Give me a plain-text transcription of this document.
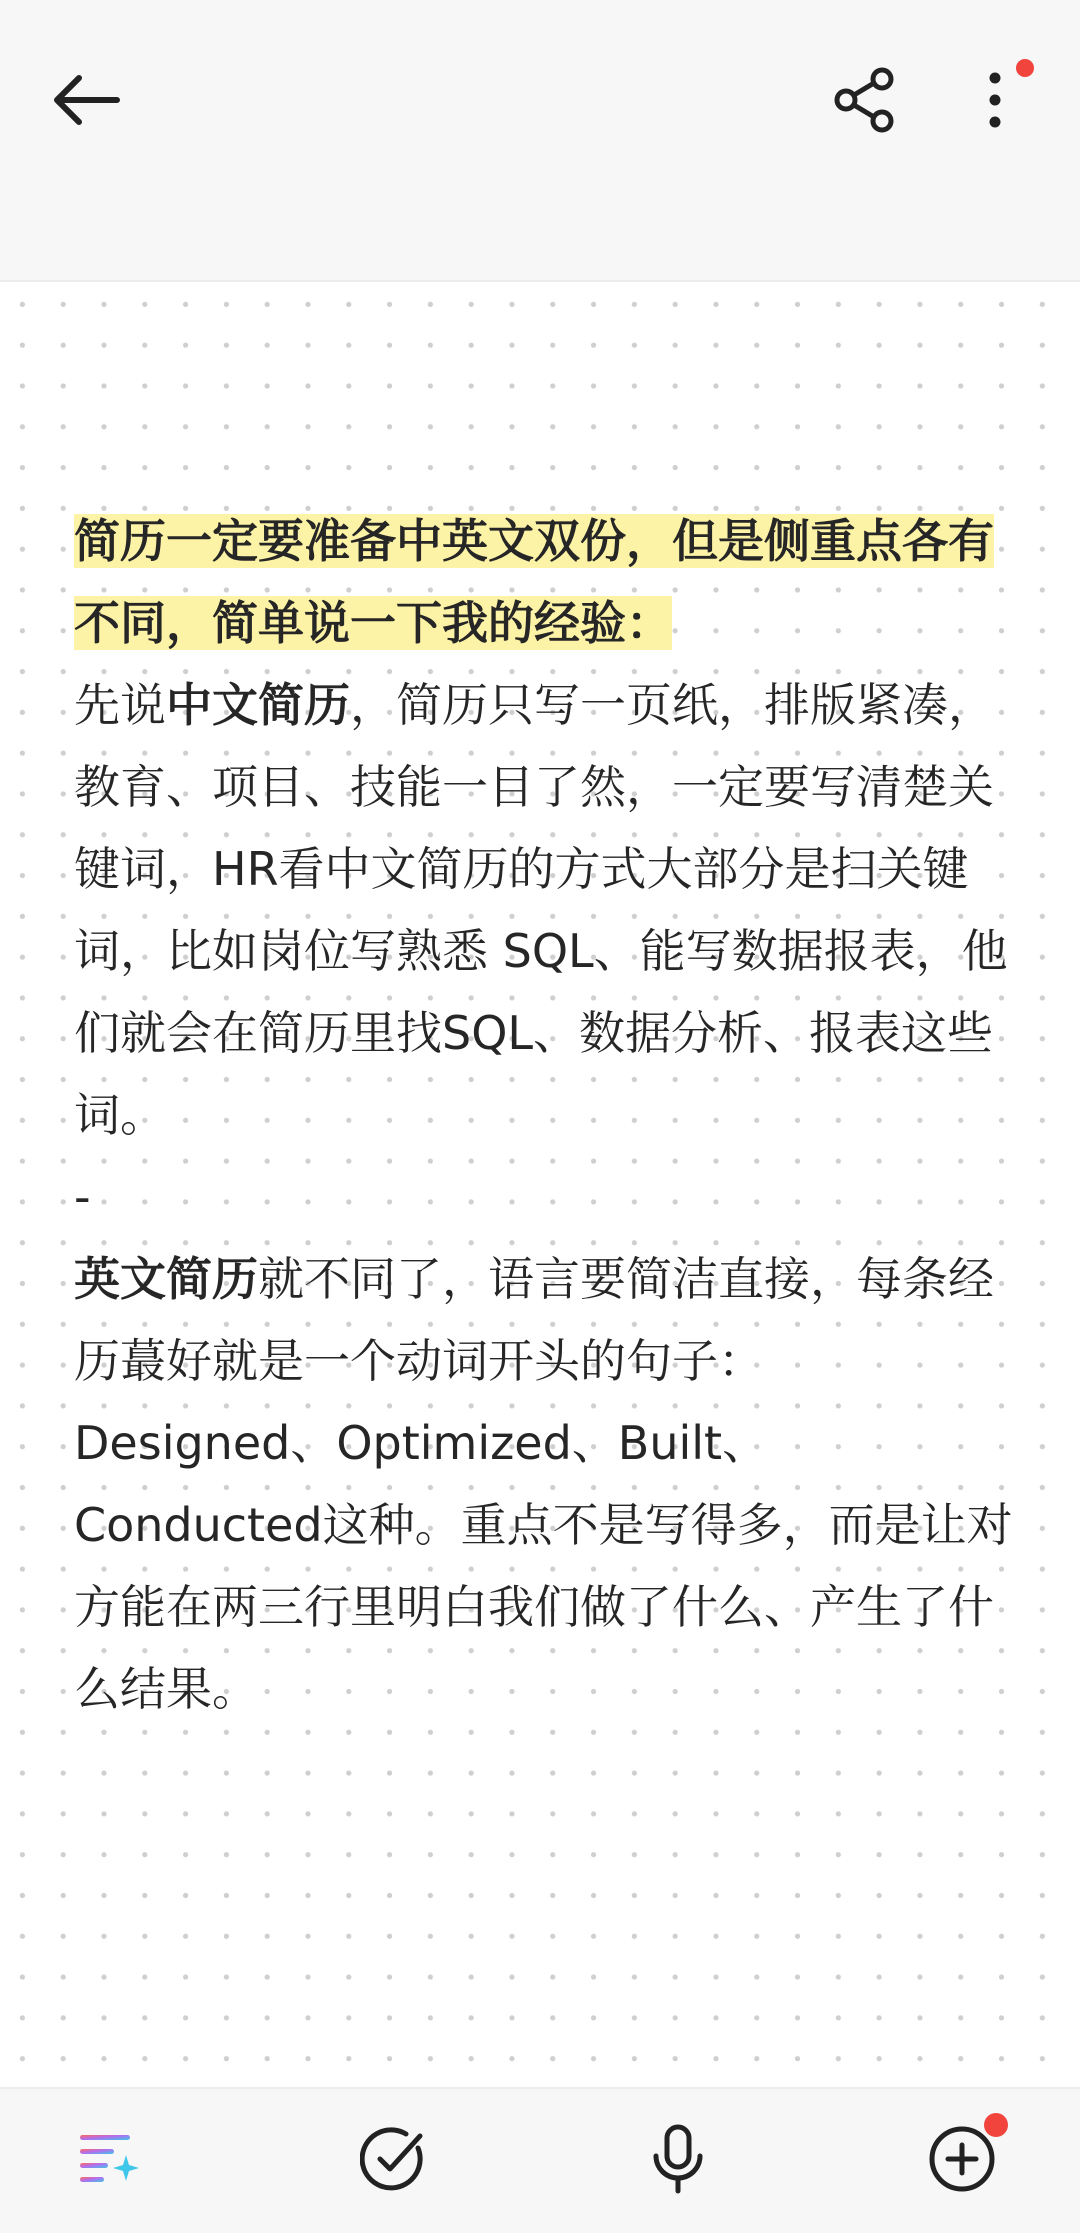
简历一定要准备中英文双份，但是侧重点各有不同，简单说一下我的经验：

先说中文简历，简历只写一页纸，排版紧凑，教育、项目、技能一目了然，一定要写清楚关键词，HR看中文简历的方式大部分是扫关键词，比如岗位写熟悉 SQL、能写数据报表，他们就会在简历里找SQL、数据分析、报表这些词。

-

英文简历就不同了，语言要简洁直接，每条经历蕞好就是一个动词开头的句子：Designed、Optimized、Built、Conducted这种。重点不是写得多，而是让对方能在两三行里明白我们做了什么、产生了什么结果。
